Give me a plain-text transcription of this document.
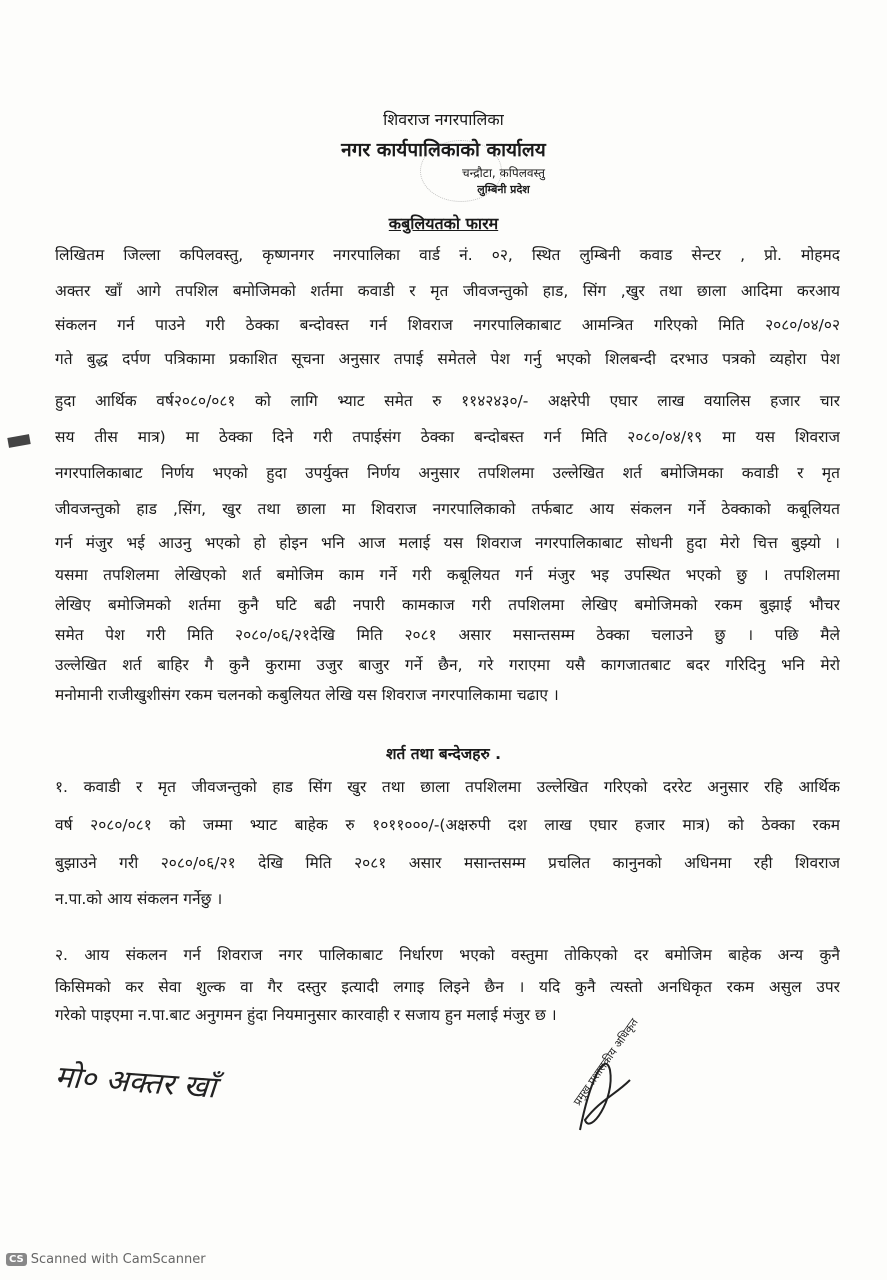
शिवराज नगरपालिका
नगर कार्यपालिकाको कार्यालय
चन्द्रौटा, कपिलवस्तु
लुम्बिनी प्रदेश
कबुलियतको फारम
लिखितम जिल्ला कपिलवस्तु, कृष्णनगर नगरपालिका वार्ड नं. ०२, स्थित लुम्बिनी कवाड सेन्टर , प्रो. मोहमद
अक्तर खाँ आगे तपशिल बमोजिमको शर्तमा कवाडी र मृत जीवजन्तुको हाड, सिंग ,खुर तथा छाला आदिमा करआय
संकलन गर्न पाउने गरी ठेक्का बन्दोवस्त गर्न शिवराज नगरपालिकाबाट आमन्त्रित गरिएको मिति २०८०/०४/०२
गते बुद्ध दर्पण पत्रिकामा प्रकाशित सूचना अनुसार तपाई समेतले पेश गर्नु भएको शिलबन्दी दरभाउ पत्रको व्यहोरा पेश
हुदा आर्थिक वर्ष२०८०/०८१ को लागि भ्याट समेत रु ११४२४३०/- अक्षरेपी एघार लाख वयालिस हजार चार
सय तीस मात्र) मा ठेक्का दिने गरी तपाईसंग ठेक्का बन्दोबस्त गर्न मिति २०८०/०४/१९ मा यस शिवराज
नगरपालिकाबाट निर्णय भएको हुदा उपर्युक्त निर्णय अनुसार तपशिलमा उल्लेखित शर्त बमोजिमका कवाडी र मृत
जीवजन्तुको हाड ,सिंग, खुर तथा छाला मा शिवराज नगरपालिकाको तर्फबाट आय संकलन गर्ने ठेक्काको कबूलियत
गर्न मंजुर भई आउनु भएको हो होइन भनि आज मलाई यस शिवराज नगरपालिकाबाट सोधनी हुदा मेरो चित्त बुझ्यो ।
यसमा तपशिलमा लेखिएको शर्त बमोजिम काम गर्ने गरी कबूलियत गर्न मंजुर भइ उपस्थित भएको छु । तपशिलमा
लेखिए बमोजिमको शर्तमा कुनै घटि बढी नपारी कामकाज गरी तपशिलमा लेखिए बमोजिमको रकम बुझाई भौचर
समेत पेश गरी मिति २०८०/०६/२१देखि मिति २०८१ असार मसान्तसम्म ठेक्का चलाउने छु । पछि मैले
उल्लेखित शर्त बाहिर गै कुनै कुरामा उजुर बाजुर गर्ने छैन, गरे गराएमा यसै कागजातबाट बदर गरिदिनु भनि मेरो
मनोमानी राजीखुशीसंग रकम चलनको कबुलियत लेखि यस शिवराज नगरपालिकामा चढाए ।
शर्त तथा बन्देजहरु .
१. कवाडी र मृत जीवजन्तुको हाड सिंग खुर तथा छाला तपशिलमा उल्लेखित गरिएको दररेट अनुसार रहि आर्थिक
वर्ष २०८०/०८१ को जम्मा भ्याट बाहेक रु १०११०००/-(अक्षरुपी दश लाख एघार हजार मात्र) को ठेक्का रकम
बुझाउने गरी २०८०/०६/२१ देखि मिति २०८१ असार मसान्तसम्म प्रचलित कानुनको अधिनमा रही शिवराज
न.पा.को आय संकलन गर्नेछु ।
२. आय संकलन गर्न शिवराज नगर पालिकाबाट निर्धारण भएको वस्तुमा तोकिएको दर बमोजिम बाहेक अन्य कुनै
किसिमको कर सेवा शुल्क वा गैर दस्तुर इत्यादी लगाइ लिइने छैन । यदि कुनै त्यस्तो अनधिकृत रकम असुल उपर
गरेको पाइएमा न.पा.बाट अनुगमन हुंदा नियमानुसार कारवाही र सजाय हुन मलाई मंजुर छ ।
मो० अक्तर खाँ	प्रमुख प्रशासकीय अधिकृत
CS Scanned with CamScanner
